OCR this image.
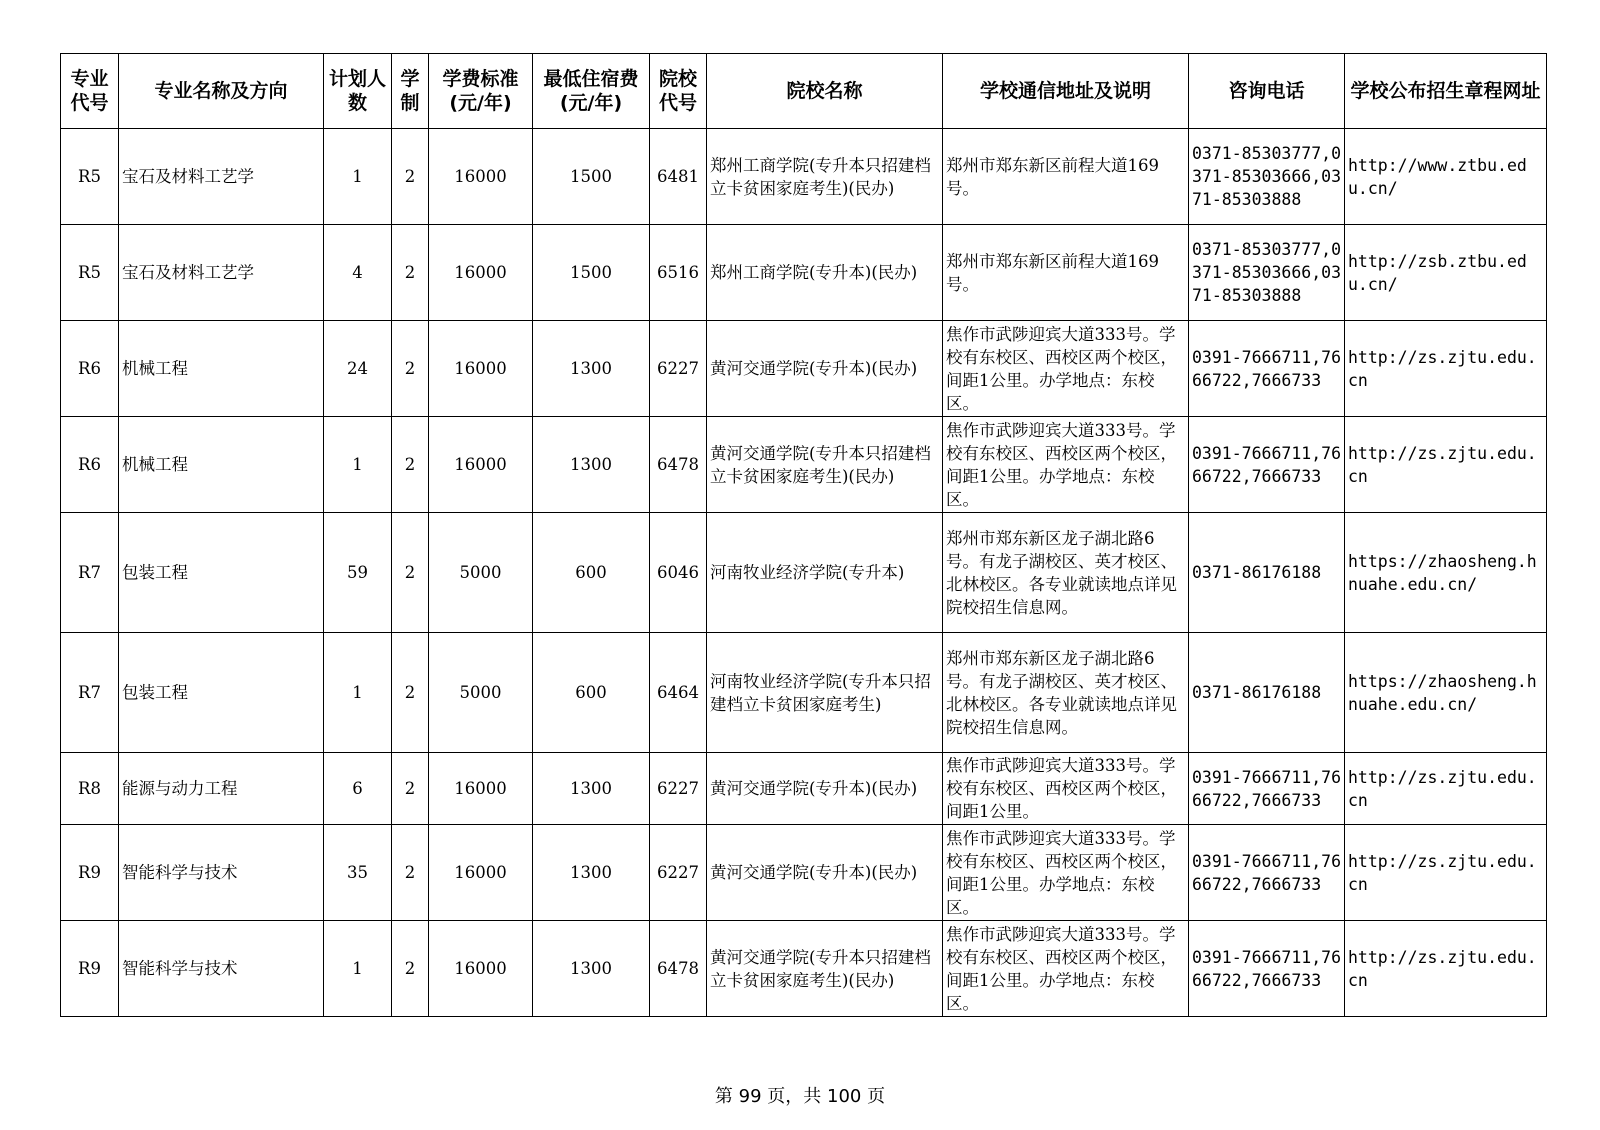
专业代号	专业名称及方向	计划人数	学制	学费标准(元/年)	最低住宿费(元/年)	院校代号	院校名称	学校通信地址及说明	咨询电话	学校公布招生章程网址
R5	宝石及材料工艺学	1	2	16000	1500	6481	郑州工商学院(专升本只招建档立卡贫困家庭考生)(民办)	郑州市郑东新区前程大道169号。	0371-85303777,0371-85303666,0371-85303888	http://www.ztbu.edu.cn/
R5	宝石及材料工艺学	4	2	16000	1500	6516	郑州工商学院(专升本)(民办)	郑州市郑东新区前程大道169号。	0371-85303777,0371-85303666,0371-85303888	http://zsb.ztbu.edu.cn/
R6	机械工程	24	2	16000	1300	6227	黄河交通学院(专升本)(民办)	焦作市武陟迎宾大道333号。学校有东校区、西校区两个校区，间距1公里。办学地点：东校区。	0391-7666711,7666722,7666733	http://zs.zjtu.edu.cn
R6	机械工程	1	2	16000	1300	6478	黄河交通学院(专升本只招建档立卡贫困家庭考生)(民办)	焦作市武陟迎宾大道333号。学校有东校区、西校区两个校区，间距1公里。办学地点：东校区。	0391-7666711,7666722,7666733	http://zs.zjtu.edu.cn
R7	包装工程	59	2	5000	600	6046	河南牧业经济学院(专升本)	郑州市郑东新区龙子湖北路6号。有龙子湖校区、英才校区、北林校区。各专业就读地点详见院校招生信息网。	0371-86176188	https://zhaosheng.hnuahe.edu.cn/
R7	包装工程	1	2	5000	600	6464	河南牧业经济学院(专升本只招建档立卡贫困家庭考生)	郑州市郑东新区龙子湖北路6号。有龙子湖校区、英才校区、北林校区。各专业就读地点详见院校招生信息网。	0371-86176188	https://zhaosheng.hnuahe.edu.cn/
R8	能源与动力工程	6	2	16000	1300	6227	黄河交通学院(专升本)(民办)	焦作市武陟迎宾大道333号。学校有东校区、西校区两个校区，间距1公里。	0391-7666711,7666722,7666733	http://zs.zjtu.edu.cn
R9	智能科学与技术	35	2	16000	1300	6227	黄河交通学院(专升本)(民办)	焦作市武陟迎宾大道333号。学校有东校区、西校区两个校区，间距1公里。办学地点：东校区。	0391-7666711,7666722,7666733	http://zs.zjtu.edu.cn
R9	智能科学与技术	1	2	16000	1300	6478	黄河交通学院(专升本只招建档立卡贫困家庭考生)(民办)	焦作市武陟迎宾大道333号。学校有东校区、西校区两个校区，间距1公里。办学地点：东校区。	0391-7666711,7666722,7666733	http://zs.zjtu.edu.cn
第 99 页，共 100 页
